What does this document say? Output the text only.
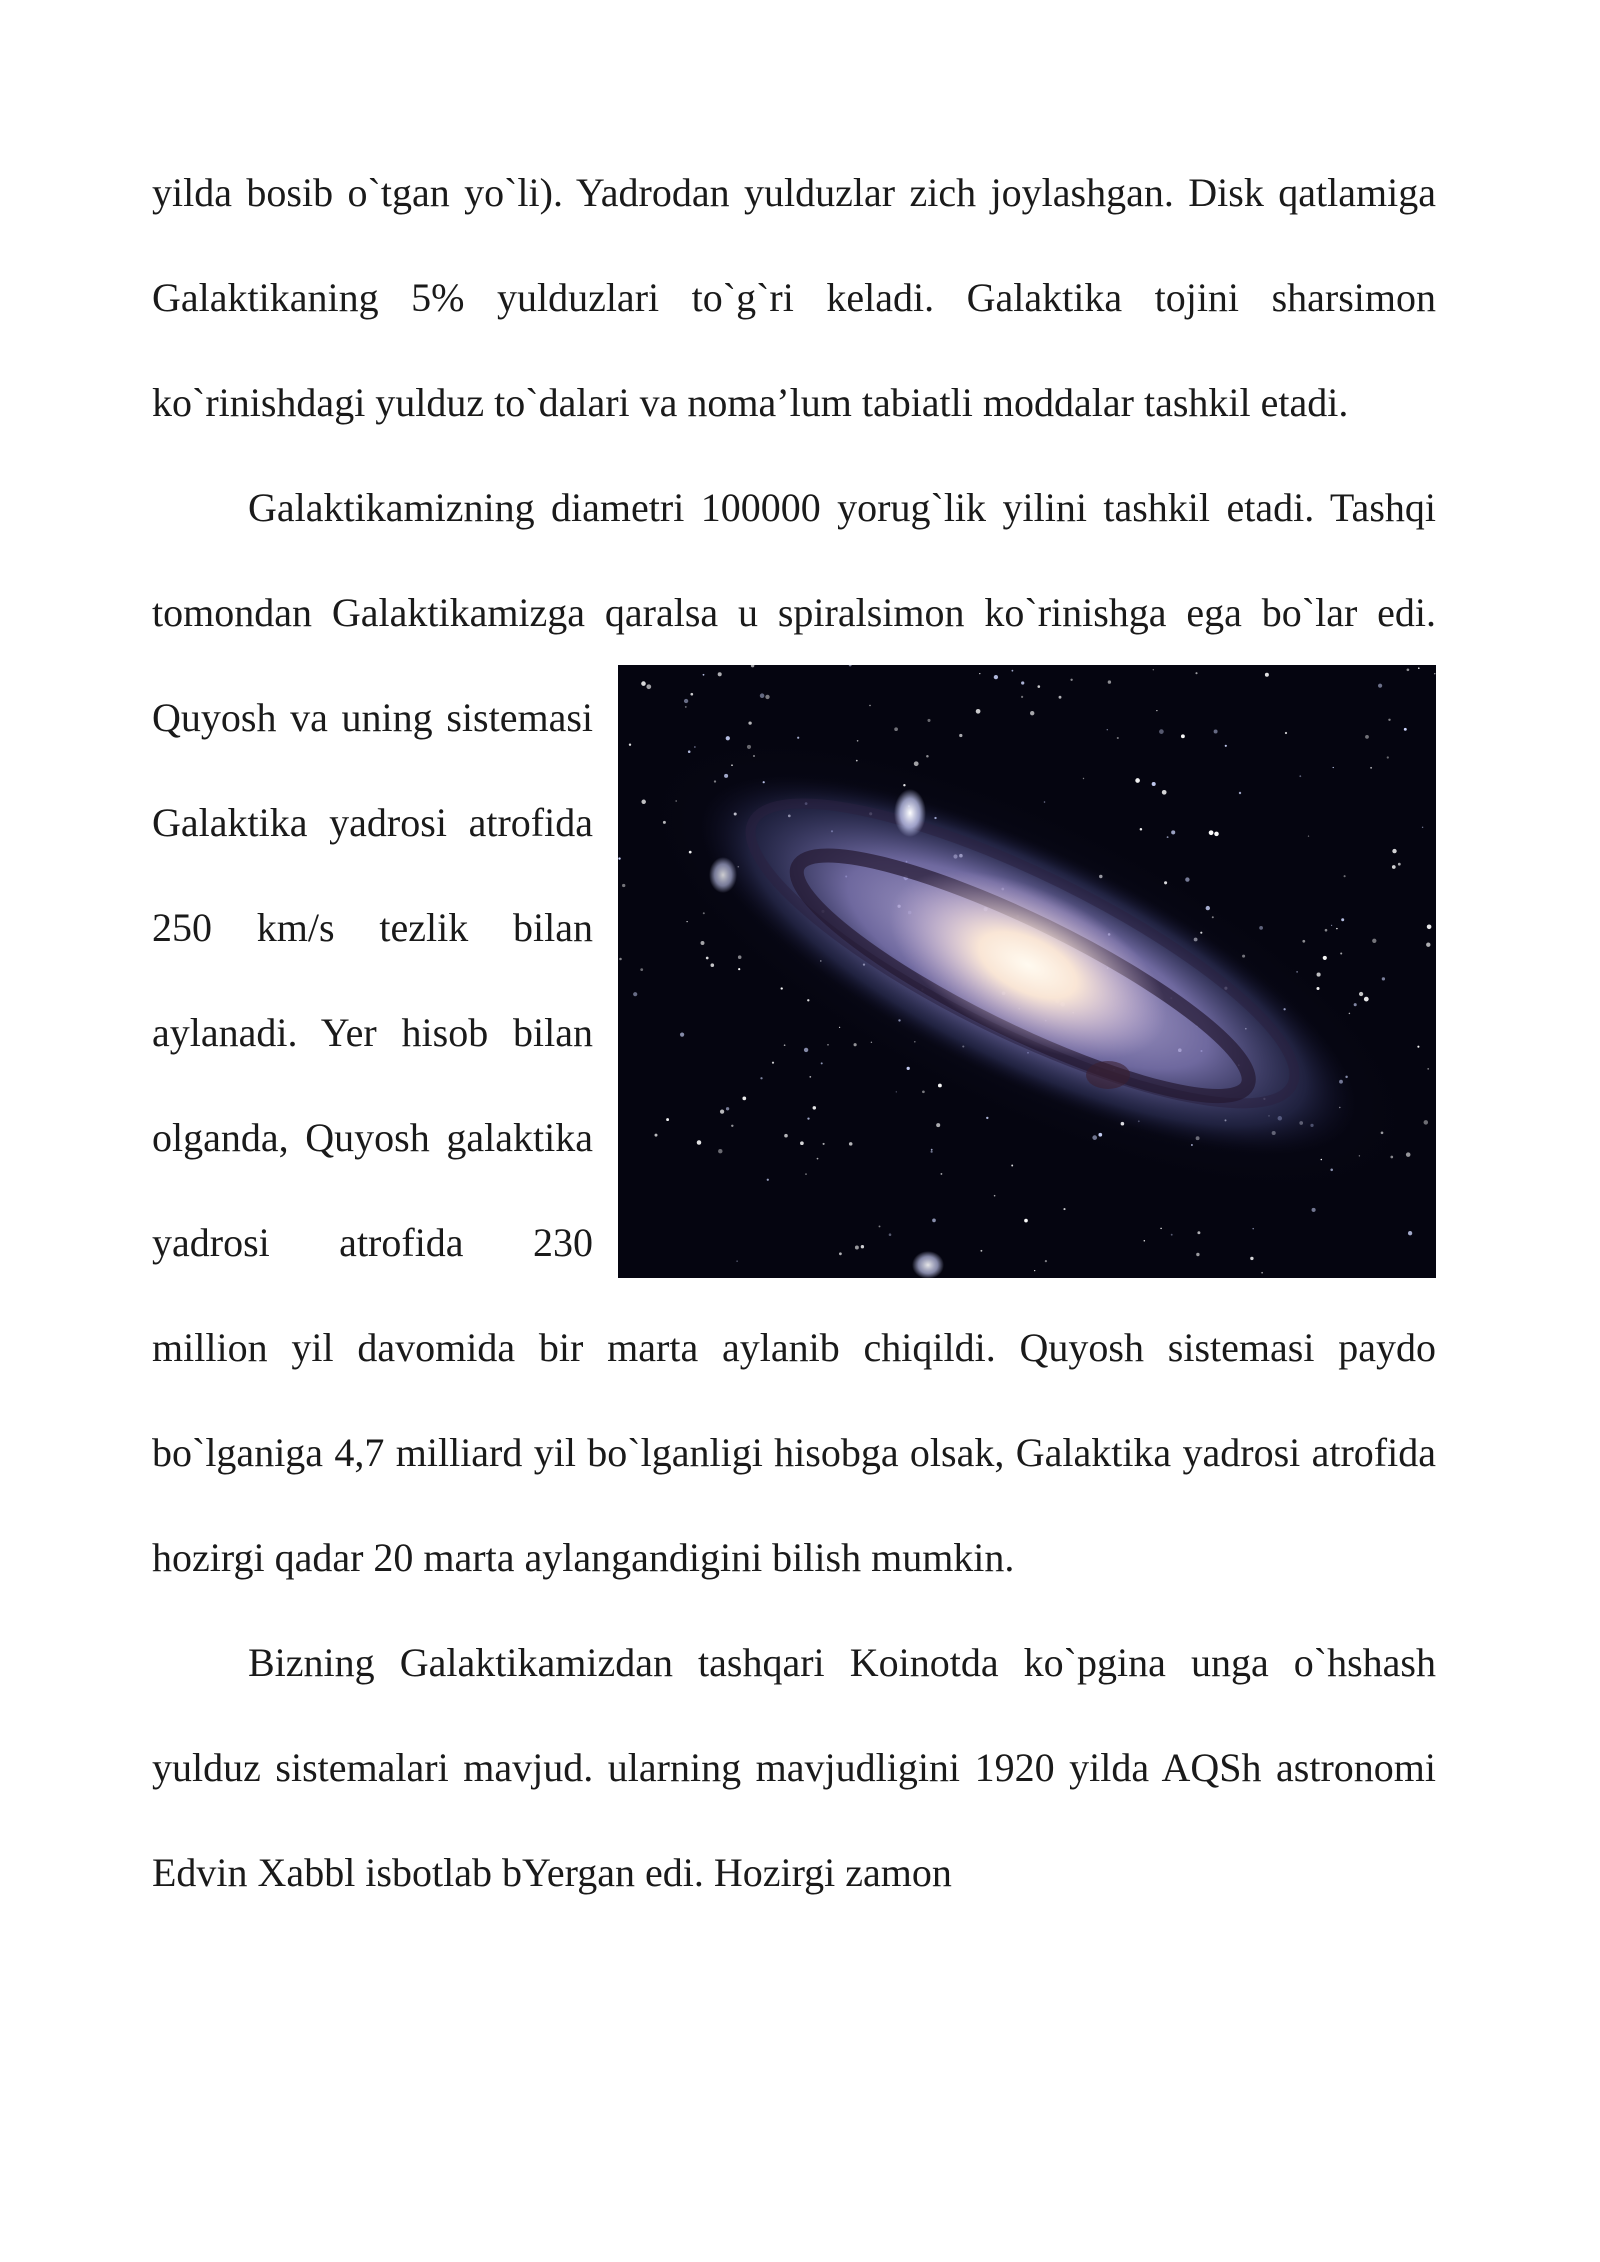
yilda bosib o`tgan yo`li). Yadrodan yulduzlar zich joylashgan. Disk qatlamiga Galaktikaning 5% yulduzlari to`g`ri keladi. Galaktika tojini sharsimon ko`rinishdagi yulduz to`dalari va noma’lum tabiatli moddalar tashkil etadi.

Galaktikamizning diametri 100000 yorug`lik yilini tashkil etadi. Tashqi tomondan Galaktikamizga qaralsa u spiralsimon ko`rinishga ega bo`lar edi. Quyosh va uning sistemasi Galaktika yadrosi atrofida 250 km/s tezlik bilan aylanadi. Yer hisob bilan olganda, Quyosh galaktika yadrosi atrofida 230 million yil davomida bir marta aylanib chiqildi. Quyosh sistemasi paydo bo`lganiga 4,7 milliard yil bo`lganligi hisobga olsak, Galaktika yadrosi atrofida hozirgi qadar 20 marta aylangandigini bilish mumkin.

Bizning Galaktikamizdan tashqari Koinotda ko`pgina unga o`hshash yulduz sistemalari mavjud. ularning mavjudligini 1920 yilda AQSh astronomi Edvin Xabbl isbotlab bYergan edi. Hozirgi zamon
